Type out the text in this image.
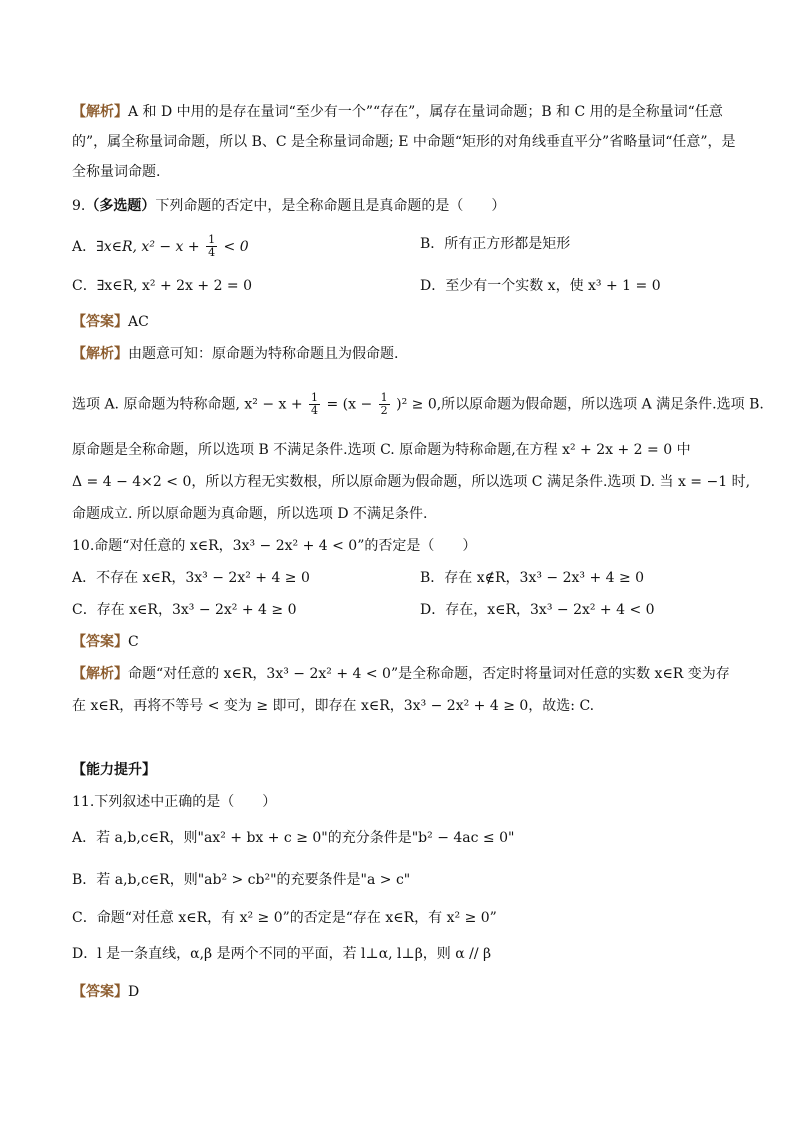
【解析】A 和 D 中用的是存在量词“至少有一个”“存在”，属存在量词命题；B 和 C 用的是全称量词“任意
的”，属全称量词命题，所以 B、C 是全称量词命题; E 中命题“矩形的对角线垂直平分”省略量词“任意”，是
全称量词命题.
9.（多选题）下列命题的否定中，是全称命题且是真命题的是（　　）
A．∃x∈R, $x^2 - x + \frac{1}{4} < 0$	B．所有正方形都是矩形
C．∃x∈R, x² + 2x + 2 = 0	D．至少有一个实数 x，使 x³ + 1 = 0
【答案】AC
【解析】由题意可知：原命题为特称命题且为假命题.
选项 A. 原命题为特称命题, $x^2 - x + \frac{1}{4} = (x - \frac{1}{2} )^2 \ge 0$,所以原命题为假命题，所以选项 A 满足条件.选项 B.
原命题是全称命题，所以选项 B 不满足条件.选项 C. 原命题为特称命题,在方程 x² + 2x + 2 = 0 中
Δ = 4 − 4×2 < 0，所以方程无实数根，所以原命题为假命题，所以选项 C 满足条件.选项 D. 当 x = −1 时,
命题成立. 所以原命题为真命题，所以选项 D 不满足条件.
10.命题“对任意的 x∈R，3x³ − 2x² + 4 < 0”的否定是（　　）
A．不存在 x∈R，3x³ − 2x² + 4 ≥ 0	B．存在 x∉R，3x³ − 2x³ + 4 ≥ 0
C．存在 x∈R，3x³ − 2x² + 4 ≥ 0	D．存在，x∈R，3x³ − 2x² + 4 < 0
【答案】C
【解析】命题“对任意的 x∈R，3x³ − 2x² + 4 < 0”是全称命题，否定时将量词对任意的实数 x∈R 变为存
在 x∈R，再将不等号 < 变为 ≥ 即可，即存在 x∈R，3x³ − 2x² + 4 ≥ 0，故选: C.
【能力提升】
11.下列叙述中正确的是（　　）
A．若 a,b,c∈R，则"ax² + bx + c ≥ 0"的充分条件是"b² − 4ac ≤ 0"
B．若 a,b,c∈R，则"ab² > cb²"的充要条件是"a > c"
C．命题“对任意 x∈R，有 x² ≥ 0”的否定是“存在 x∈R，有 x² ≥ 0”
D．l 是一条直线，α,β 是两个不同的平面，若 l⊥α, l⊥β，则 α // β
【答案】D
